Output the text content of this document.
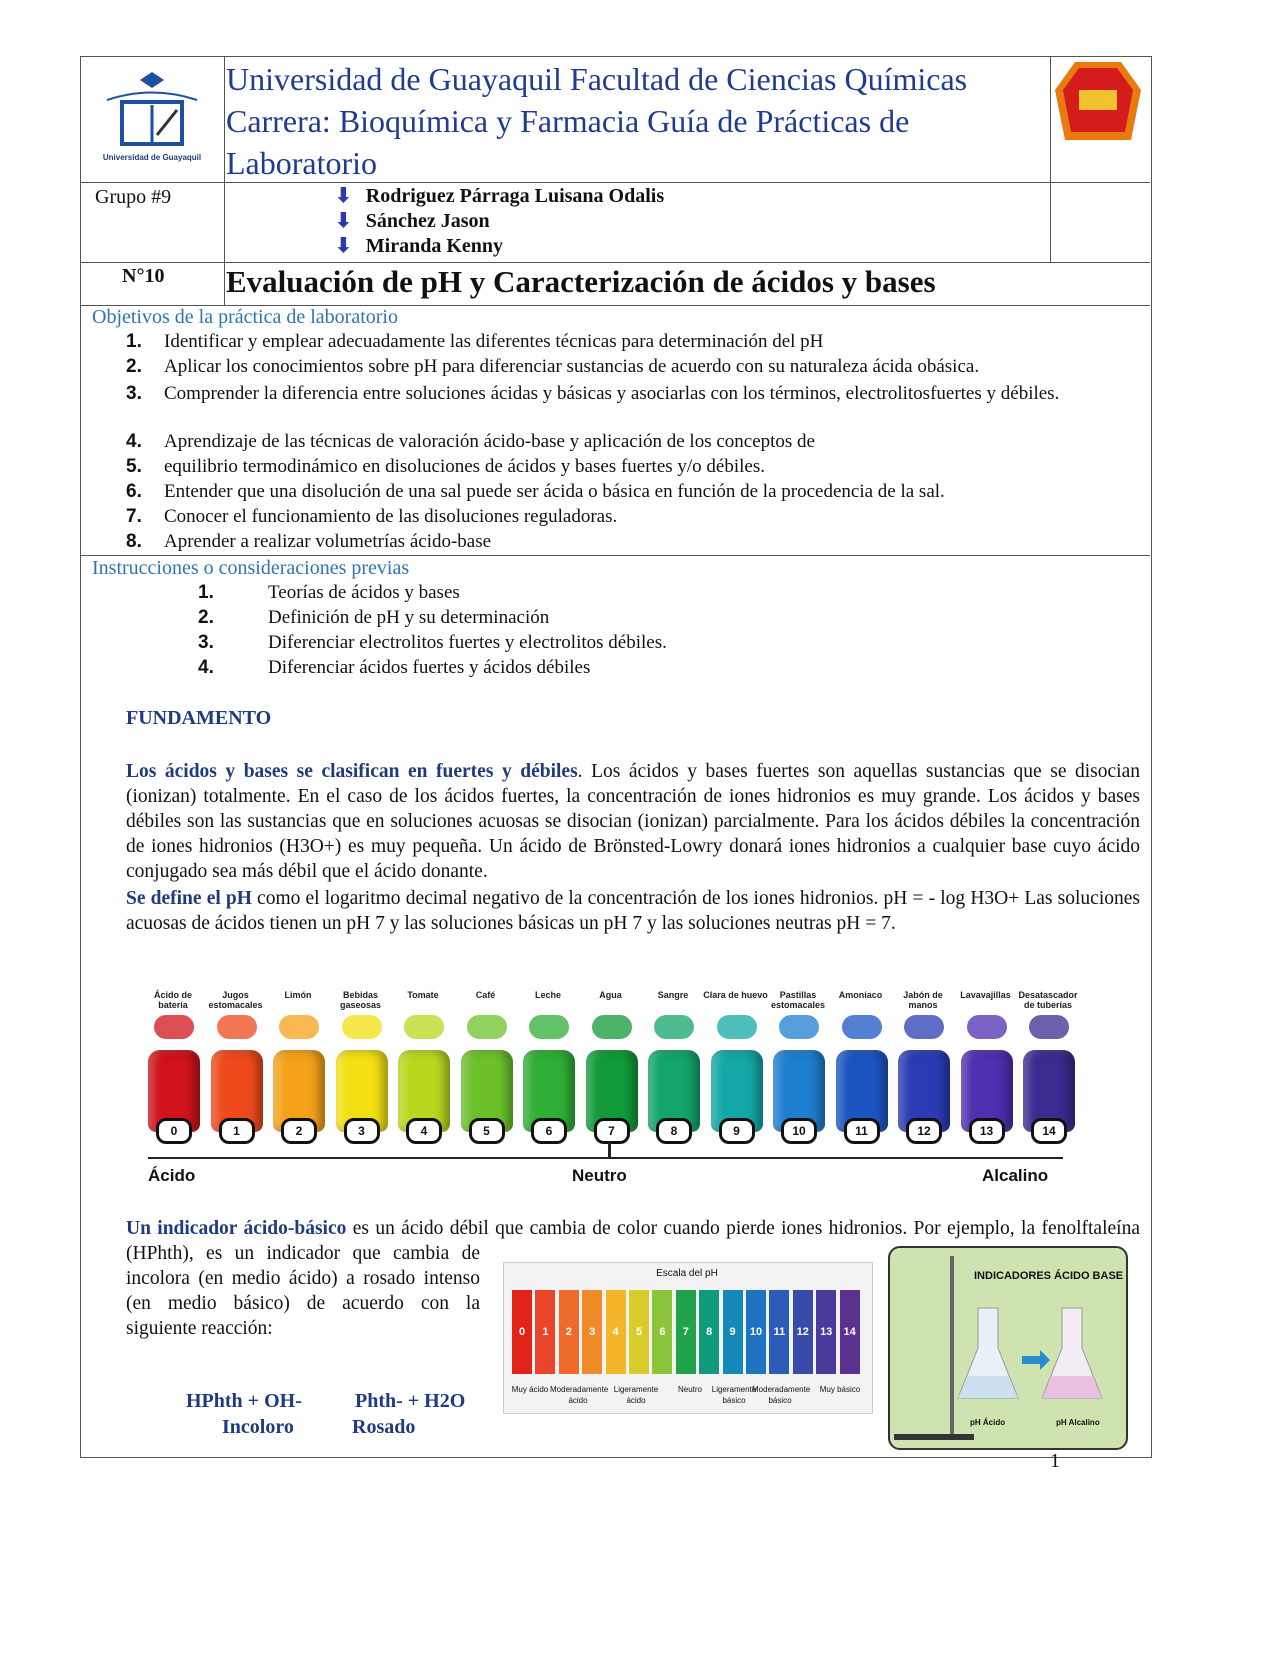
Universidad de Guayaquil
Universidad de Guayaquil Facultad de Ciencias Químicas Carrera: Bioquímica y Farmacia Guía de Prácticas de Laboratorio
Grupo #9	⬇ Rodriguez Párraga Luisana Odalis
⬇ Sánchez Jason
⬇ Miranda Kenny
N°10 Evaluación de pH y Caracterización de ácidos y bases
Objetivos de la práctica de laboratorio
1. Identificar y emplear adecuadamente las diferentes técnicas para determinación del pH
2. Aplicar los conocimientos sobre pH para diferenciar sustancias de acuerdo con su naturaleza ácida obásica.
3.	Comprender la diferencia entre soluciones ácidas y básicas y asociarlas con los términos, electrolitosfuertes y débiles.
4. Aprendizaje de las técnicas de valoración ácido-base y aplicación de los conceptos de
5. equilibrio termodinámico en disoluciones de ácidos y bases fuertes y/o débiles.
6. Entender que una disolución de una sal puede ser ácida o básica en función de la procedencia de la sal.
7. Conocer el funcionamiento de las disoluciones reguladoras.
8. Aprender a realizar volumetrías ácido-base
Instrucciones o consideraciones previas
1.	Teorías de ácidos y bases
2.	Definición de pH y su determinación
3.	Diferenciar electrolitos fuertes y electrolitos débiles.
4.	Diferenciar ácidos fuertes y ácidos débiles
FUNDAMENTO
Los ácidos y bases se clasifican en fuertes y débiles. Los ácidos y bases fuertes son aquellas sustancias que se disocian (ionizan) totalmente. En el caso de los ácidos fuertes, la concentración de iones hidronios es muy grande. Los ácidos y bases débiles son las sustancias que en soluciones acuosas se disocian (ionizan) parcialmente. Para los ácidos débiles la concentración de iones hidronios (H3O+) es muy pequeña. Un ácido de Brönsted-Lowry donará iones hidronios a cualquier base cuyo ácido conjugado sea más débil que el ácido donante.
Se define el pH como el logaritmo decimal negativo de la concentración de los iones hidronios. pH = - log H3O+ Las soluciones acuosas de ácidos tienen un pH 7 y las soluciones básicas un pH 7 y las soluciones neutras pH = 7.
Ácido de batería
0
Jugos estomacales
1
Limón
2
Bebidas gaseosas
3
Tomate
4
Café
5
Leche
6
Agua
7
Sangre
8
Clara de huevo
9
Pastillas estomacales
10
Amoníaco
11
Jabón de manos
12
Lavavajillas
13
Desatascador de tuberías
14
Ácido	Neutro	Alcalino
Un indicador ácido-básico es un ácido débil que cambia de color cuando pierde iones hidronios. Por ejemplo, la fenolftaleína (HPhth), es un indicador que cambia de incolora (en medio ácido) a rosado intenso (en medio básico) de acuerdo con la siguiente reacción:
HPhth + OH-	Phth- + H2O
Incoloro	Rosado
Escala del pH
0	1	2	3	4	5	6	7	8	9	10	11	12	13	14
Muy ácido Moderadamente ácido
Ligeramente ácido
Neutro	Ligeramente básico
Moderadamente básico
Muy básico
INDICADORES ÁCIDO BASE
pH Ácido	pH Alcalino
1
